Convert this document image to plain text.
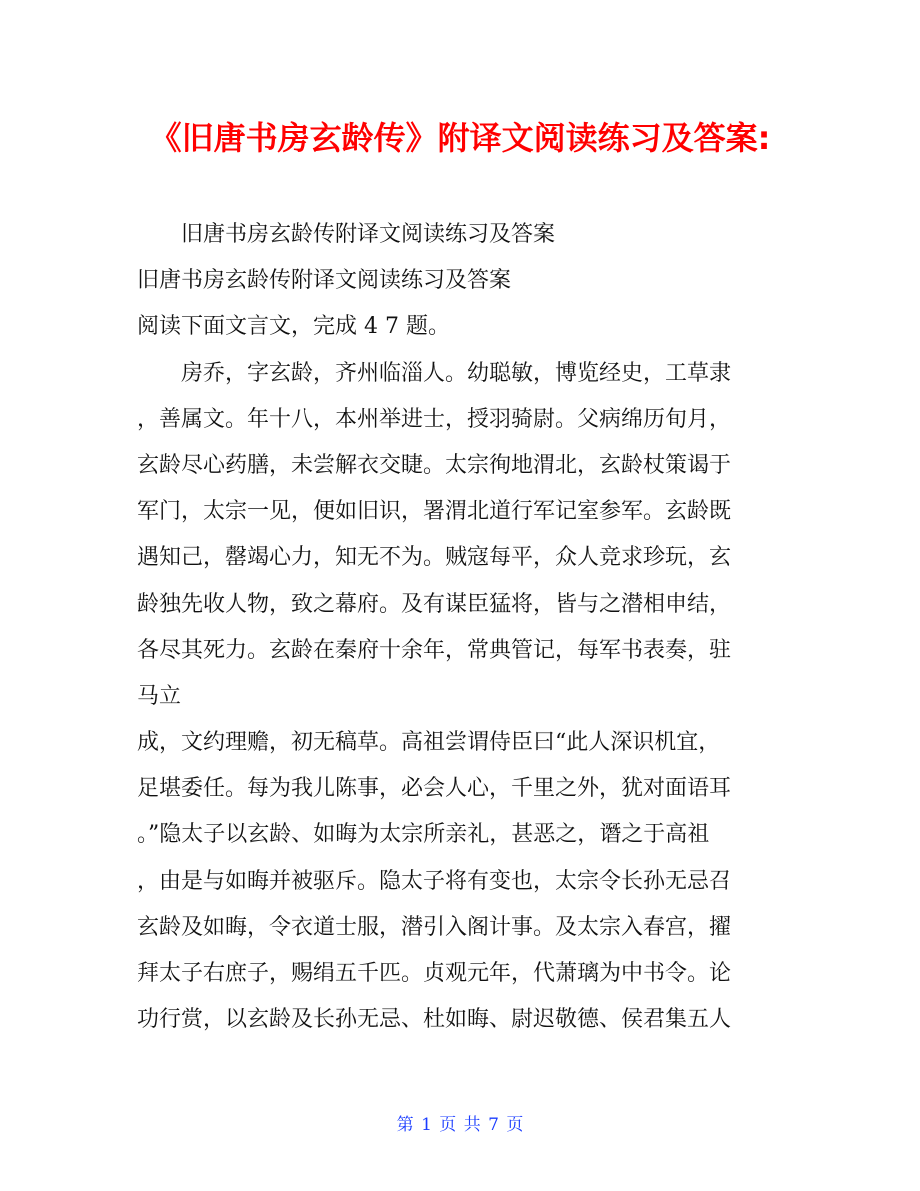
《旧唐书房玄龄传》附译文阅读练习及答案:
旧唐书房玄龄传附译文阅读练习及答案
旧唐书房玄龄传附译文阅读练习及答案
阅读下面文言文，完成 4 7 题。
房乔，字玄龄，齐州临淄人。幼聪敏，博览经史，工草隶
，善属文。年十八，本州举进士，授羽骑尉。父病绵历旬月，
玄龄尽心药膳，未尝解衣交睫。太宗徇地渭北，玄龄杖策谒于
军门，太宗一见，便如旧识，署渭北道行军记室参军。玄龄既
遇知己，罄竭心力，知无不为。贼寇每平，众人竞求珍玩，玄
龄独先收人物，致之幕府。及有谋臣猛将，皆与之潜相申结，
各尽其死力。玄龄在秦府十余年，常典管记，每军书表奏，驻
马立
成，文约理赡，初无稿草。高祖尝谓侍臣曰“此人深识机宜，
足堪委任。每为我儿陈事，必会人心，千里之外，犹对面语耳
。”隐太子以玄龄、如晦为太宗所亲礼，甚恶之，谮之于高祖
，由是与如晦并被驱斥。隐太子将有变也，太宗令长孙无忌召
玄龄及如晦，令衣道士服，潜引入阁计事。及太宗入春宫，擢
拜太子右庶子，赐绢五千匹。贞观元年，代萧璃为中书令。论
功行赏，以玄龄及长孙无忌、杜如晦、尉迟敬德、侯君集五人
第 1 页 共 7 页
